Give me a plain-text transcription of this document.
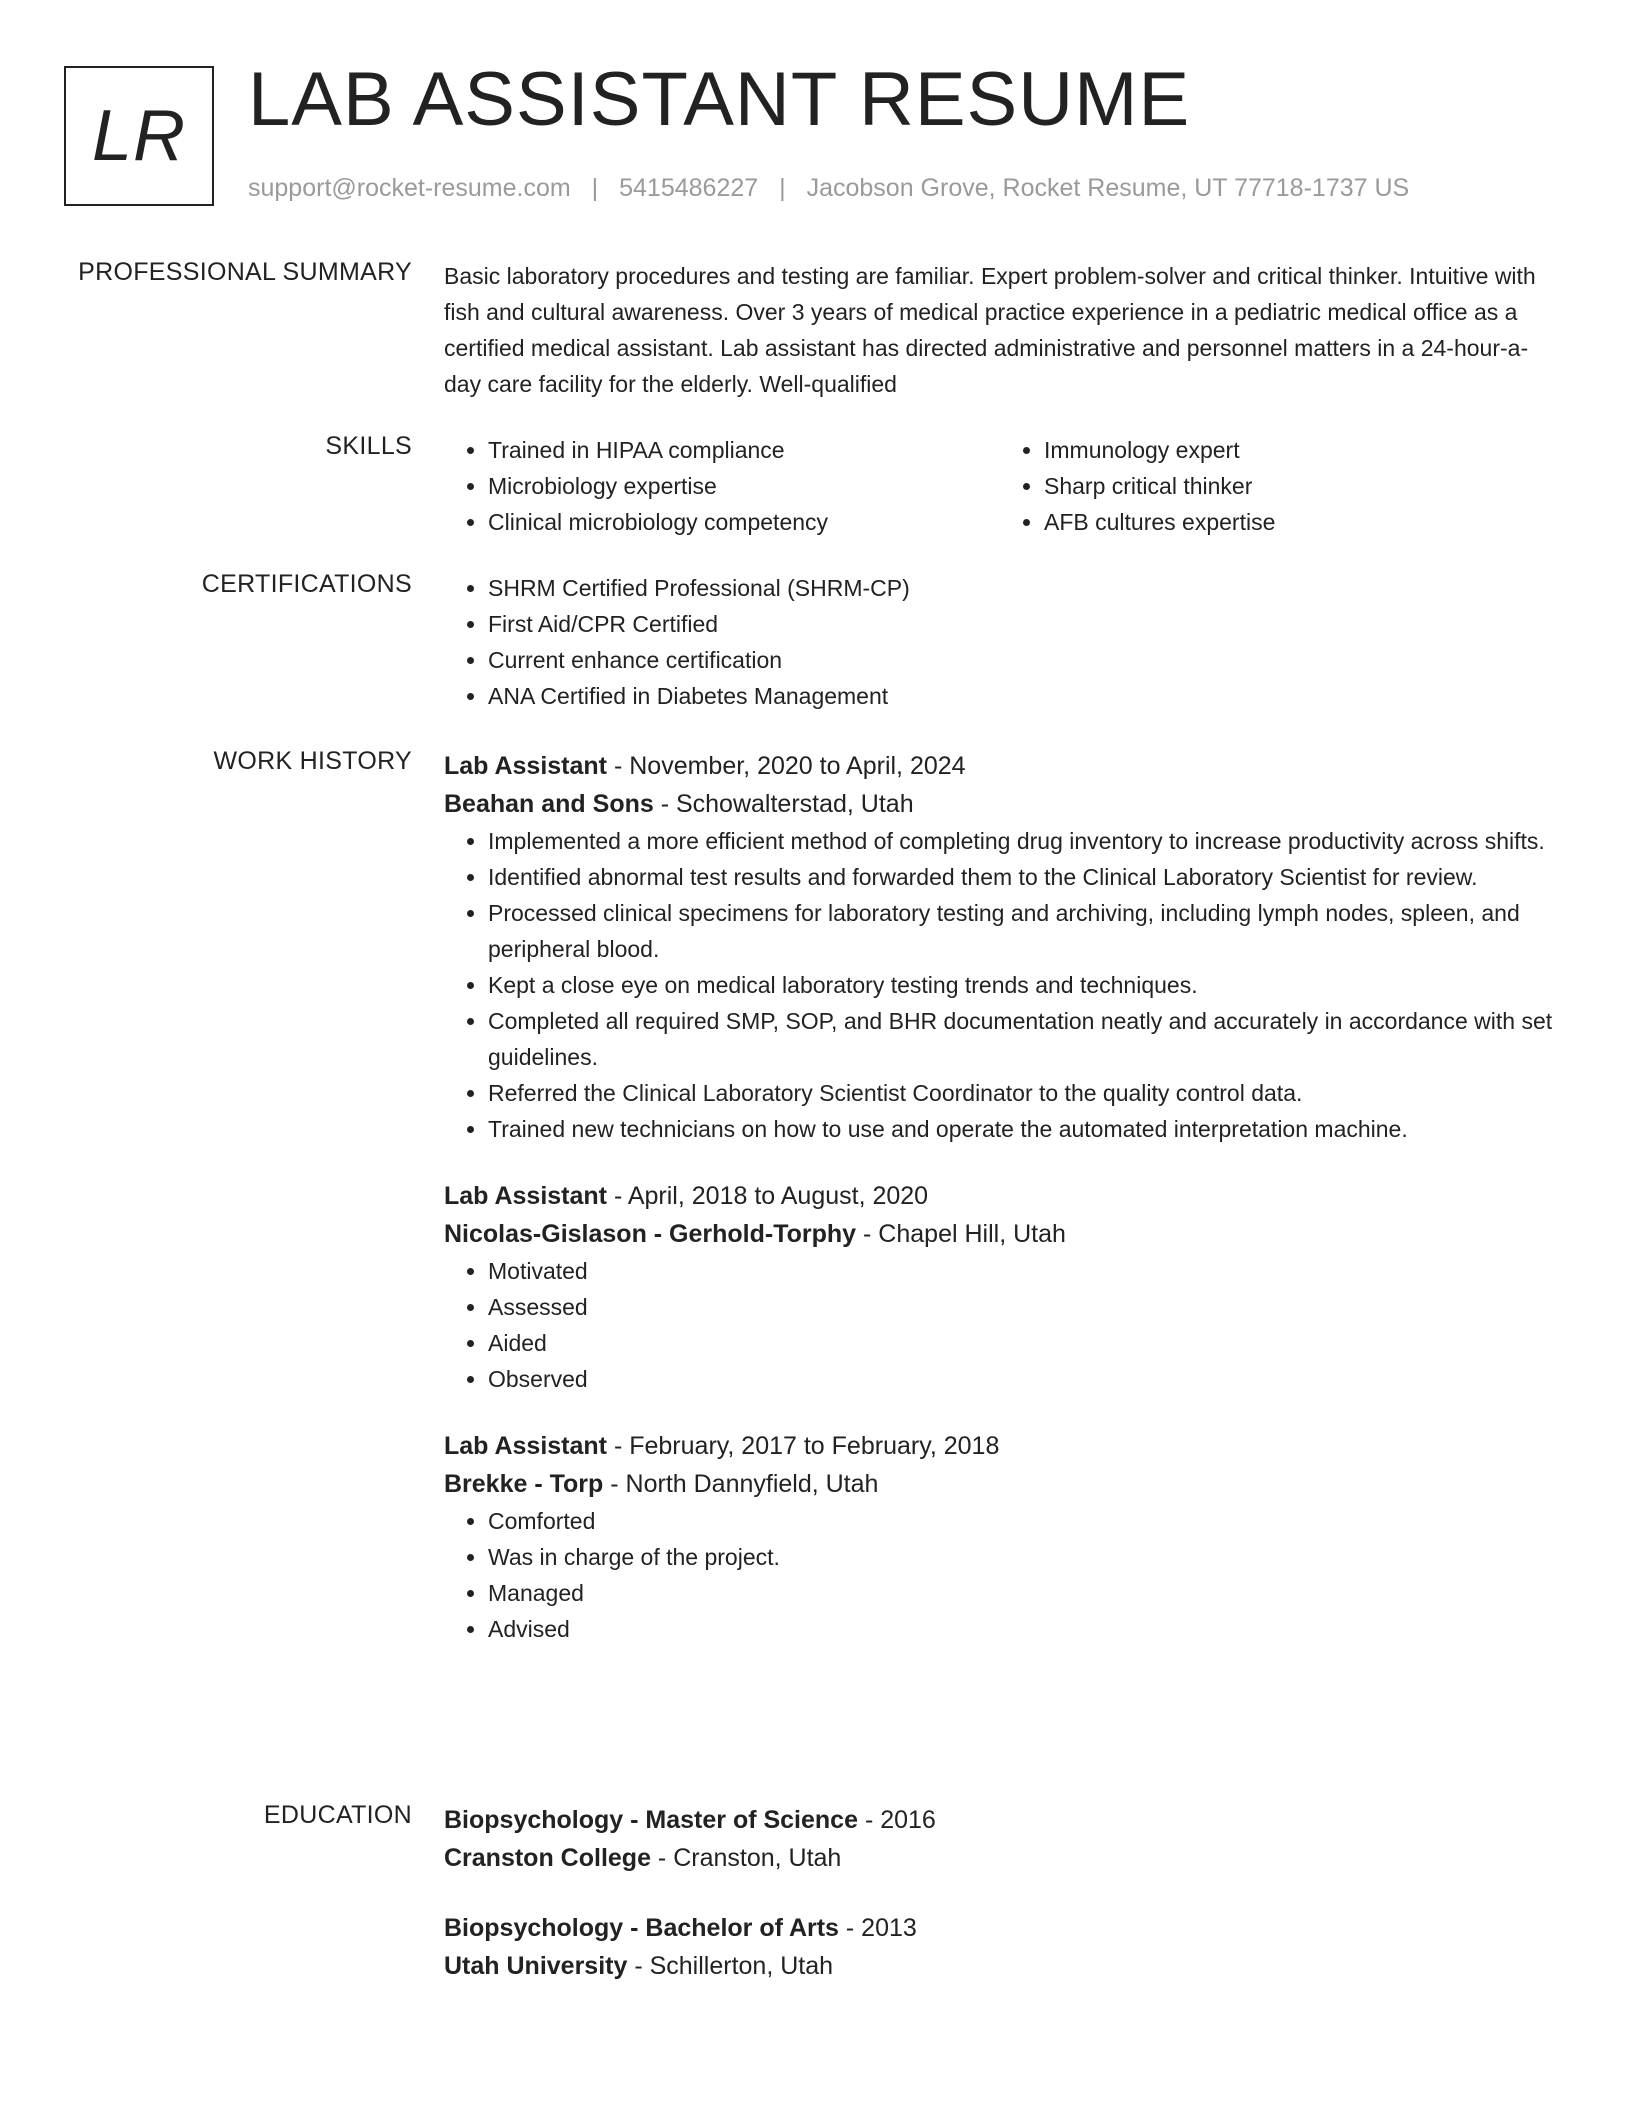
LR LAB ASSISTANT RESUME
support@rocket-resume.com | 5415486227 | Jacobson Grove, Rocket Resume, UT 77718-1737 US
PROFESSIONAL SUMMARY Basic laboratory procedures and testing are familiar. Expert problem-solver and critical thinker. Intuitive with fish and cultural awareness. Over 3 years of medical practice experience in a pediatric medical office as a certified medical assistant. Lab assistant has directed administrative and personnel matters in a 24-hour-a-day care facility for the elderly. Well-qualified

SKILLS	• Trained in HIPAA compliance
• Microbiology expertise
• Clinical microbiology competency
• Immunology expert
• Sharp critical thinker
• AFB cultures expertise
CERTIFICATIONS	• SHRM Certified Professional (SHRM-CP)
• First Aid/CPR Certified
• Current enhance certification
• ANA Certified in Diabetes Management
WORK HISTORY Lab Assistant - November, 2020 to April, 2024
Beahan and Sons - Schowalterstad, Utah
• Implemented a more efficient method of completing drug inventory to increase productivity across shifts.
• Identified abnormal test results and forwarded them to the Clinical Laboratory Scientist for review.
• Processed clinical specimens for laboratory testing and archiving, including lymph nodes, spleen, and peripheral blood.
• Kept a close eye on medical laboratory testing trends and techniques.
• Completed all required SMP, SOP, and BHR documentation neatly and accurately in accordance with set guidelines.
• Referred the Clinical Laboratory Scientist Coordinator to the quality control data.
• Trained new technicians on how to use and operate the automated interpretation machine.
Lab Assistant - April, 2018 to August, 2020
Nicolas-Gislason - Gerhold-Torphy - Chapel Hill, Utah
• Motivated
• Assessed
• Aided
• Observed
Lab Assistant - February, 2017 to February, 2018
Brekke - Torp - North Dannyfield, Utah
• Comforted
• Was in charge of the project.
• Managed
• Advised
EDUCATION Biopsychology - Master of Science - 2016
Cranston College - Cranston, Utah
Biopsychology - Bachelor of Arts - 2013
Utah University - Schillerton, Utah
